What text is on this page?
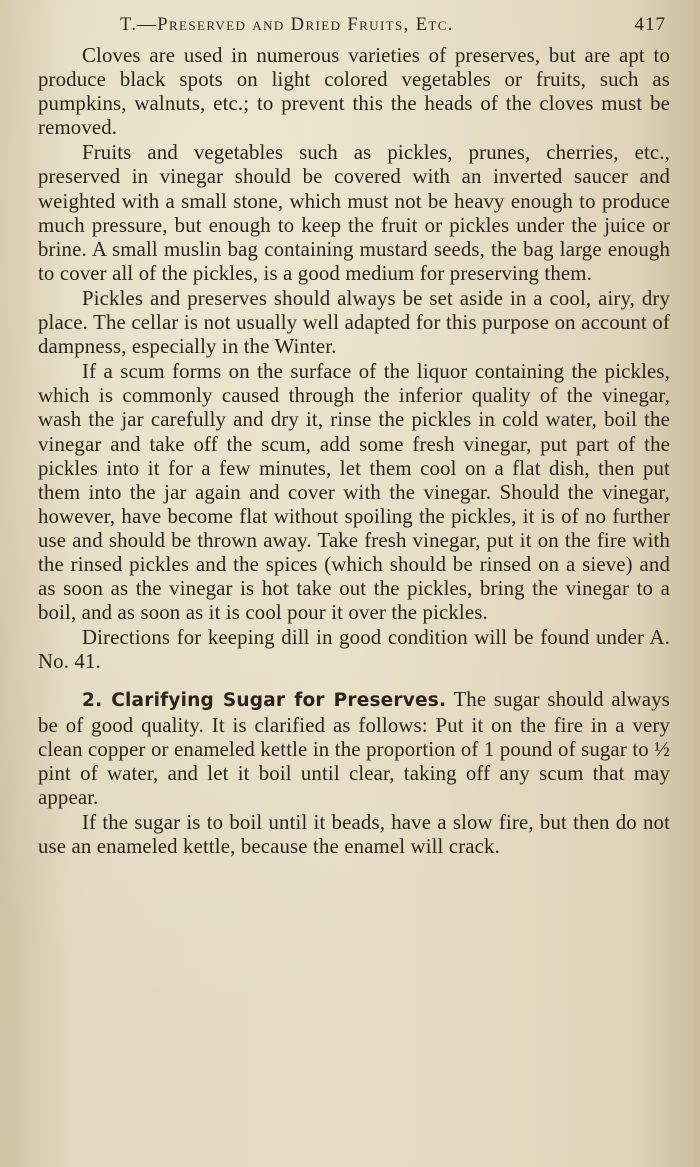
T.—Preserved and Dried Fruits, Etc.	417

Cloves are used in numerous varieties of preserves, but are apt to produce black spots on light colored vegetables or fruits, such as pumpkins, walnuts, etc.; to prevent this the heads of the cloves must be removed.

Fruits and vegetables such as pickles, prunes, cherries, etc., preserved in vinegar should be covered with an inverted saucer and weighted with a small stone, which must not be heavy enough to produce much pressure, but enough to keep the fruit or pickles under the juice or brine. A small muslin bag containing mustard seeds, the bag large enough to cover all of the pickles, is a good medium for preserving them.

Pickles and preserves should always be set aside in a cool, airy, dry place. The cellar is not usually well adapted for this purpose on account of dampness, especially in the Winter.

If a scum forms on the surface of the liquor containing the pickles, which is commonly caused through the inferior quality of the vinegar, wash the jar carefully and dry it, rinse the pickles in cold water, boil the vinegar and take off the scum, add some fresh vinegar, put part of the pickles into it for a few minutes, let them cool on a flat dish, then put them into the jar again and cover with the vinegar. Should the vinegar, however, have become flat without spoiling the pickles, it is of no further use and should be thrown away. Take fresh vinegar, put it on the fire with the rinsed pickles and the spices (which should be rinsed on a sieve) and as soon as the vinegar is hot take out the pickles, bring the vinegar to a boil, and as soon as it is cool pour it over the pickles.

Directions for keeping dill in good condition will be found under A. No. 41.

2. Clarifying Sugar for Preserves. The sugar should always be of good quality. It is clarified as follows: Put it on the fire in a very clean copper or enameled kettle in the proportion of 1 pound of sugar to ½ pint of water, and let it boil until clear, taking off any scum that may appear.

If the sugar is to boil until it beads, have a slow fire, but then do not use an enameled kettle, because the enamel will crack.
